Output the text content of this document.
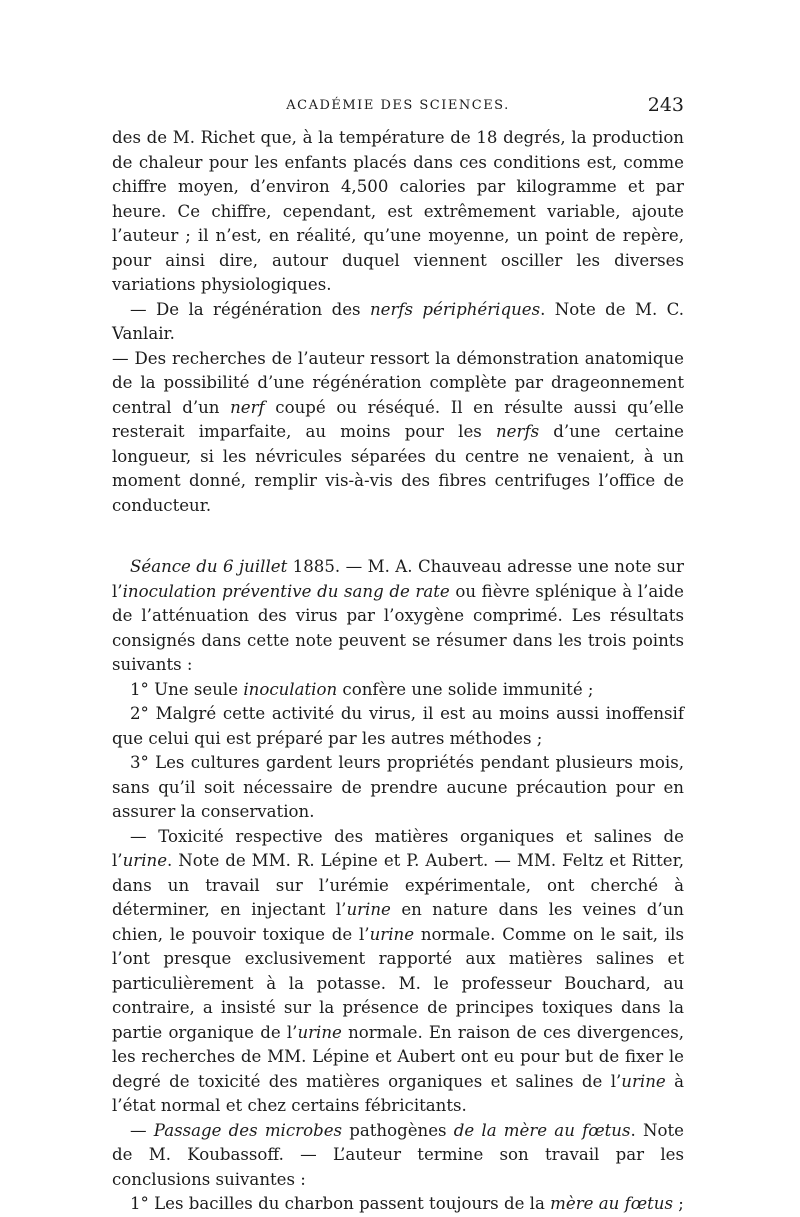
ACADÉMIE DES SCIENCES.	243

des de M. Richet que, à la température de 18 degrés, la production de chaleur pour les enfants placés dans ces conditions est, comme chiffre moyen, d’environ 4,500 calories par kilogramme et par heure. Ce chiffre, cependant, est extrêmement variable, ajoute l’auteur ; il n’est, en réalité, qu’une moyenne, un point de repère, pour ainsi dire, autour duquel viennent osciller les diverses variations physiologiques.

— De la régénération des nerfs périphériques. Note de M. C. Vanlair.

— Des recherches de l’auteur ressort la démonstration anatomique de la possibilité d’une régénération complète par drageonnement central d’un nerf coupé ou réséqué. Il en résulte aussi qu’elle resterait imparfaite, au moins pour les nerfs d’une certaine longueur, si les névricules séparées du centre ne venaient, à un moment donné, remplir vis-à-vis des fibres centrifuges l’office de conducteur.

Séance du 6 juillet 1885. — M. A. Chauveau adresse une note sur l’inoculation préventive du sang de rate ou fièvre splénique à l’aide de l’atténuation des virus par l’oxygène comprimé. Les résultats consignés dans cette note peuvent se résumer dans les trois points suivants :

1° Une seule inoculation confère une solide immunité ;

2° Malgré cette activité du virus, il est au moins aussi inoffensif que celui qui est préparé par les autres méthodes ;

3° Les cultures gardent leurs propriétés pendant plusieurs mois, sans qu’il soit nécessaire de prendre aucune précaution pour en assurer la conservation.

— Toxicité respective des matières organiques et salines de l’urine. Note de MM. R. Lépine et P. Aubert. — MM. Feltz et Ritter, dans un travail sur l’urémie expérimentale, ont cherché à déterminer, en injectant l’urine en nature dans les veines d’un chien, le pouvoir toxique de l’urine normale. Comme on le sait, ils l’ont presque exclusivement rapporté aux matières salines et particulièrement à la potasse. M. le professeur Bouchard, au contraire, a insisté sur la présence de principes toxiques dans la partie organique de l’urine normale. En raison de ces divergences, les recherches de MM. Lépine et Aubert ont eu pour but de fixer le degré de toxicité des matières organiques et salines de l’urine à l’état normal et chez certains fébricitants.

— Passage des microbes pathogènes de la mère au fœtus. Note de M. Koubassoff. — L’auteur termine son travail par les conclusions suivantes :

1° Les bacilles du charbon passent toujours de la mère au fœtus ;
